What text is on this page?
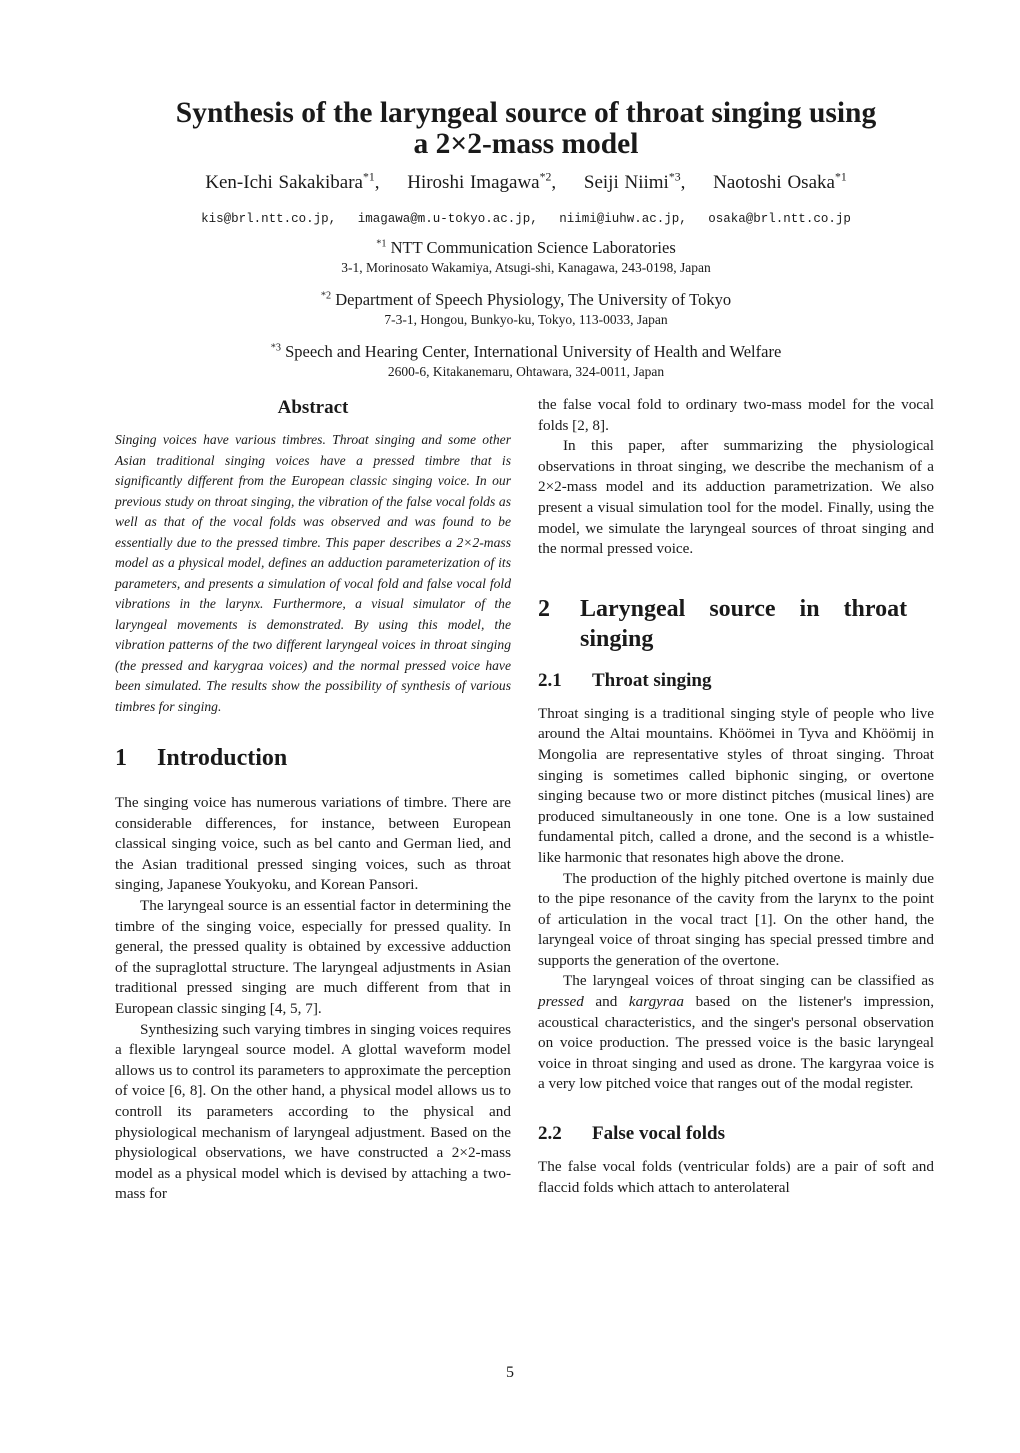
Synthesis of the laryngeal source of throat singing using
a 2×2-mass model
Ken-Ichi Sakakibara$^{*1}$, Hiroshi Imagawa$^{*2}$, Seiji Niimi$^{*3}$, Naotoshi Osaka$^{*1}$
kis@brl.ntt.co.jp, imagawa@m.u-tokyo.ac.jp, niimi@iuhw.ac.jp, osaka@brl.ntt.co.jp
$^{*1}$ NTT Communication Science Laboratories
3-1, Morinosato Wakamiya, Atsugi-shi, Kanagawa, 243-0198, Japan
$^{*2}$ Department of Speech Physiology, The University of Tokyo
7-3-1, Hongou, Bunkyo-ku, Tokyo, 113-0033, Japan
$^{*3}$ Speech and Hearing Center, International University of Health and Welfare
2600-6, Kitakanemaru, Ohtawara, 324-0011, Japan
Abstract

Singing voices have various timbres. Throat singing and some other Asian traditional singing voices have a pressed timbre that is significantly different from the European classic singing voice. In our previous study on throat singing, the vibration of the false vocal folds as well as that of the vocal folds was observed and was found to be essentially due to the pressed timbre. This paper describes a 2×2-mass model as a physical model, defines an adduction parameterization of its parameters, and presents a simulation of vocal fold and false vocal fold vibrations in the larynx. Furthermore, a visual simulator of the laryngeal movements is demonstrated. By using this model, the vibration patterns of the two different laryngeal voices in throat singing (the pressed and karygraa voices) and the normal pressed voice have been simulated. The results show the possibility of synthesis of various timbres for singing.

1	Introduction

The singing voice has numerous variations of timbre. There are considerable differences, for instance, between European classical singing voice, such as bel canto and German lied, and the Asian traditional pressed singing voices, such as throat singing, Japanese Youkyoku, and Korean Pansori.

The laryngeal source is an essential factor in determining the timbre of the singing voice, especially for pressed quality. In general, the pressed quality is obtained by excessive adduction of the supraglottal structure. The laryngeal adjustments in Asian traditional pressed singing are much different from that in European classic singing [4, 5, 7].

Synthesizing such varying timbres in singing voices requires a flexible laryngeal source model. A glottal waveform model allows us to control its parameters to approximate the perception of voice [6, 8]. On the other hand, a physical model allows us to controll its parameters according to the physical and physiological mechanism of laryngeal adjustment. Based on the physiological observations, we have constructed a 2×2-mass model as a physical model which is devised by attaching a two-mass for

the false vocal fold to ordinary two-mass model for the vocal folds [2, 8].

In this paper, after summarizing the physiological observations in throat singing, we describe the mechanism of a 2×2-mass model and its adduction parametrization. We also present a visual simulation tool for the model. Finally, using the model, we simulate the laryngeal sources of throat singing and the normal pressed voice.

2	Laryngeal source in throat
singing
2.1	Throat singing

Throat singing is a traditional singing style of people who live around the Altai mountains. Khöömei in Tyva and Khöömij in Mongolia are representative styles of throat singing. Throat singing is sometimes called biphonic singing, or overtone singing because two or more distinct pitches (musical lines) are produced simultaneously in one tone. One is a low sustained fundamental pitch, called a drone, and the second is a whistle-like harmonic that resonates high above the drone.

The production of the highly pitched overtone is mainly due to the pipe resonance of the cavity from the larynx to the point of articulation in the vocal tract [1]. On the other hand, the laryngeal voice of throat singing has special pressed timbre and supports the generation of the overtone.

The laryngeal voices of throat singing can be classified as pressed and kargyraa based on the listener's impression, acoustical characteristics, and the singer's personal observation on voice production. The pressed voice is the basic laryngeal voice in throat singing and used as drone. The kargyraa voice is a very low pitched voice that ranges out of the modal register.

2.2	False vocal folds

The false vocal folds (ventricular folds) are a pair of soft and flaccid folds which attach to anterolateral

5
